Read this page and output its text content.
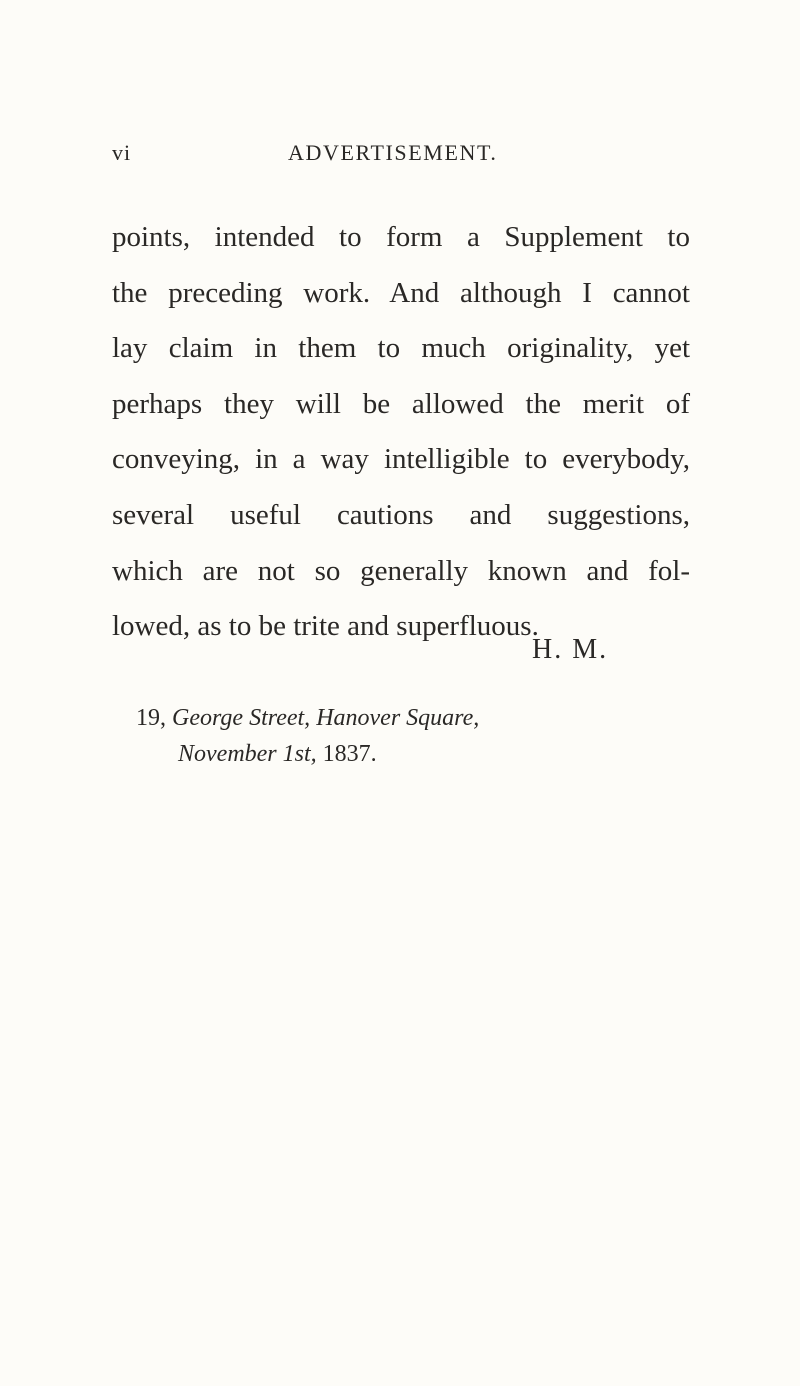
vi	ADVERTISEMENT.
points, intended to form a Supplement to
the preceding work. And although I cannot
lay claim in them to much originality, yet
perhaps they will be allowed the merit of
conveying, in a way intelligible to everybody,
several useful cautions and suggestions,
which are not so generally known and fol-
lowed, as to be trite and superfluous.
H. M.
19, George Street, Hanover Square,
November 1st, 1837.
